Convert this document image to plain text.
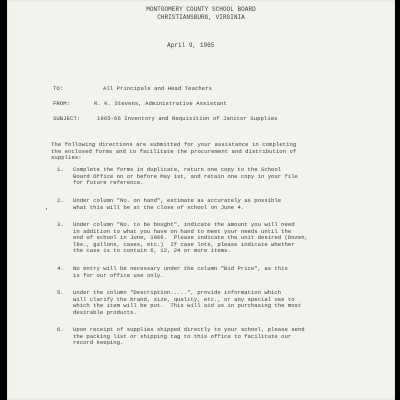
MONTGOMERY COUNTY SCHOOL BOARD
CHRISTIANSBURG, VIRGINIA
April 9, 1965
TO:	All Principals and Head Teachers
FROM:	R. K. Stevens, Administrative Assistant
SUBJECT:	1965-66 Inventory and Requisition of Janitor Supplies
The following directions are submitted for your assistance in completing
the enclosed forms and to facilitate the procurement and distribution of
supplies:
1. Complete the forms in duplicate, return one copy to the School
Board Office on or before May 1st, and retain one copy in your file
for future reference.
2. Under column "No. on hand", estimate as accurately as possible
what this will be at the close of school on June 4.
,
3. Under column "No. to be bought", indicate the amount you will need
in addition to what you have on hand to meet your needs until the
end of school in June, 1966.  Please indicate the unit desired (Dozen,
lbs., gallons, cases, etc.)  If case lots, please indicate whether
the case is to contain 6, 12, 24 or more items.
4. No entry will be necessary under the column "Bid Price", as this
is for our office use only.
5. Under the column "Description.....", provide information which
will clarify the brand, size, quality, etc., or any special use to
which the item will be put.  This will aid us in purchasing the most
desirable products.
6. Upon receipt of supplies shipped directly to your school, please send
the packing list or shipping tag to this office to facilitate our
record keeping.
